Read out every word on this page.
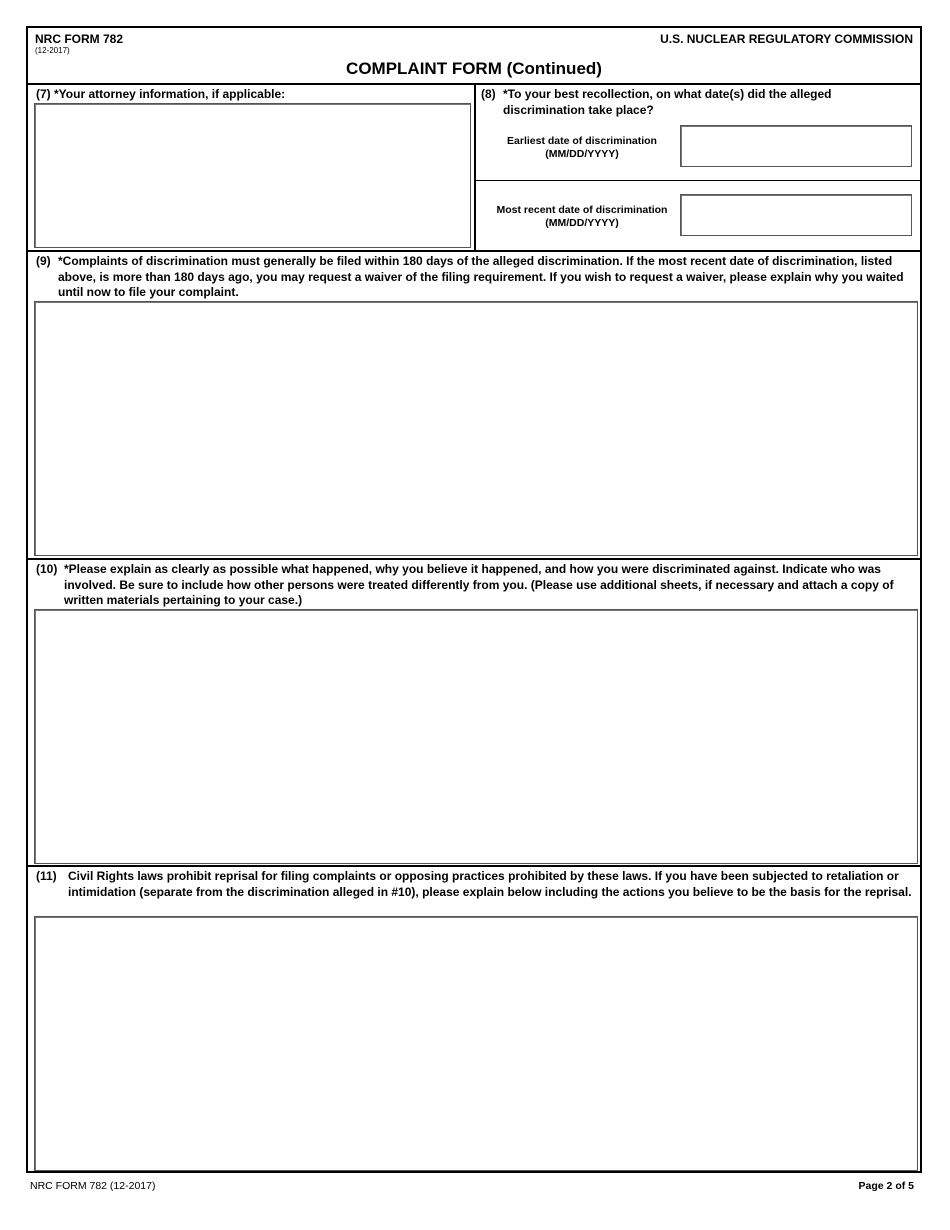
NRC FORM 782
(12-2017)
U.S. NUCLEAR REGULATORY COMMISSION
COMPLAINT FORM (Continued)
(7) *Your attorney information, if applicable:	(8) *To your best recollection, on what date(s) did the alleged discrimination take place?
Earliest date of discrimination
(MM/DD/YYYY)
Most recent date of discrimination
(MM/DD/YYYY)
(9) *Complaints of discrimination must generally be filed within 180 days of the alleged discrimination. If the most recent date of discrimination, listed above, is more than 180 days ago, you may request a waiver of the filing requirement. If you wish to request a waiver, please explain why you waited until now to file your complaint.
(10) *Please explain as clearly as possible what happened, why you believe it happened, and how you were discriminated against. Indicate who was involved. Be sure to include how other persons were treated differently from you. (Please use additional sheets, if necessary and attach a copy of written materials pertaining to your case.)
(11) Civil Rights laws prohibit reprisal for filing complaints or opposing practices prohibited by these laws. If you have been subjected to retaliation or intimidation (separate from the discrimination alleged in #10), please explain below including the actions you believe to be the basis for the reprisal.
NRC FORM 782 (12-2017)	Page 2 of 5
